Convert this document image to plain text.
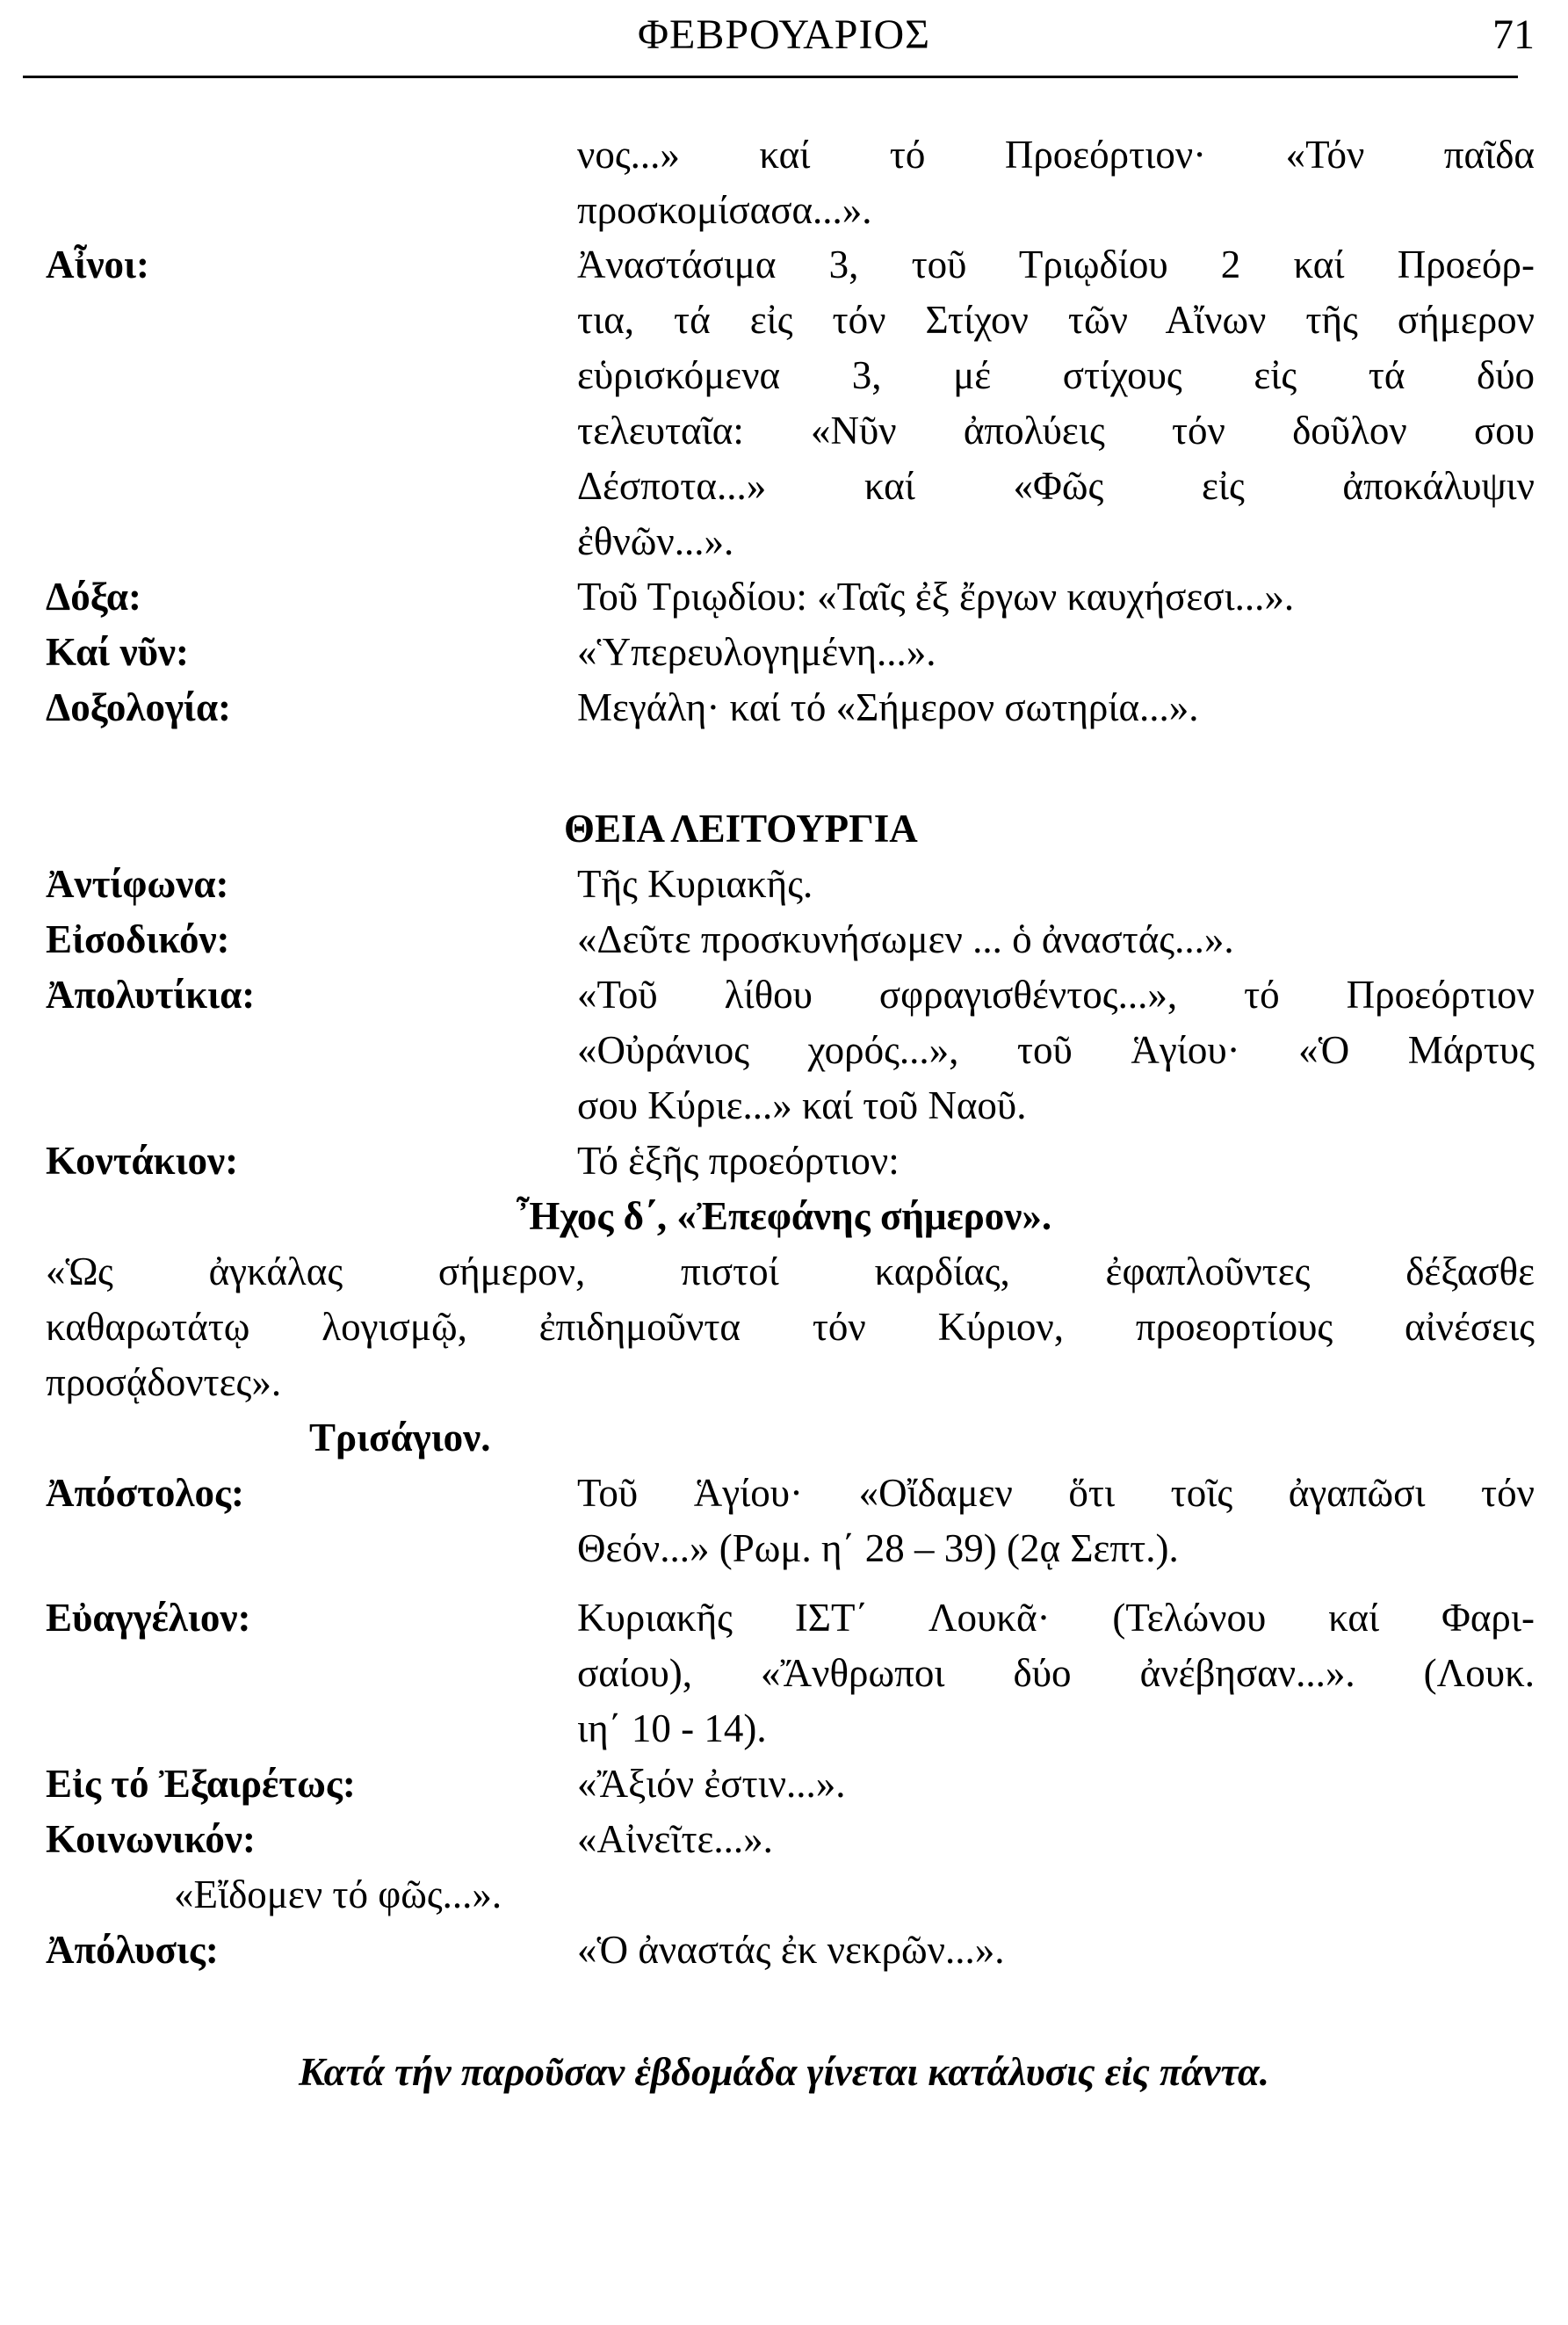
ΦΕΒΡΟΥΑΡΙΟΣ	71
νος...» καί τό Προεόρτιον· «Τόν παῖδα
προσκομίσασα...».
Αἶνοι:	Ἀναστάσιμα 3, τοῦ Τριῳδίου 2 καί Προεόρ-
τια, τά εἰς τόν Στίχον τῶν Αἴνων τῆς σήμερον
εὑρισκόμενα 3, μέ στίχους εἰς τά δύο
τελευταῖα: «Νῦν ἀπολύεις τόν δοῦλον σου
Δέσποτα...» καί «Φῶς εἰς ἀποκάλυψιν
ἐθνῶν...».
Δόξα:	Τοῦ Τριῳδίου: «Ταῖς ἐξ ἔργων καυχήσεσι...».
Καί νῦν:	«Ὑπερευλογημένη...».
Δοξολογία:	Μεγάλη· καί τό «Σήμερον σωτηρία...».
ΘΕΙΑ ΛΕΙΤΟΥΡΓΙΑ
Ἀντίφωνα:	Τῆς Κυριακῆς.
Εἰσοδικόν:	«Δεῦτε προσκυνήσωμεν ... ὁ ἀναστάς...».
Ἀπολυτίκια:	«Τοῦ λίθου σφραγισθέντος...», τό Προεόρτιον
«Οὐράνιος χορός...», τοῦ Ἁγίου· «Ὁ Μάρτυς
σου Κύριε...» καί τοῦ Ναοῦ.
Κοντάκιον:	Τό ἑξῆς προεόρτιον:
Ἦχος δ΄, «Ἐπεφάνης σήμερον».
«Ὡς ἀγκάλας σήμερον, πιστοί καρδίας, ἐφαπλοῦντες δέξασθε
καθαρωτάτῳ λογισμῷ, ἐπιδημοῦντα τόν Κύριον, προεορτίους αἰνέσεις
προσᾴδοντες».
Τρισάγιον.
Ἀπόστολος:	Τοῦ Ἁγίου· «Οἴδαμεν ὅτι τοῖς ἀγαπῶσι τόν
Θεόν...» (Ρωμ. η΄ 28 – 39) (2ᾳ Σεπτ.).
Εὐαγγέλιον:	Κυριακῆς ΙΣΤ΄ Λουκᾶ· (Τελώνου καί Φαρι-
σαίου), «Ἄνθρωποι δύο ἀνέβησαν...». (Λουκ.
ιη΄ 10 - 14).
Εἰς τό Ἐξαιρέτως:	«Ἄξιόν ἐστιν...».
Κοινωνικόν:	«Αἰνεῖτε...».
«Εἴδομεν τό φῶς...».
Ἀπόλυσις:	«Ὁ ἀναστάς ἐκ νεκρῶν...».
Κατά τήν παροῦσαν ἑβδομάδα γίνεται κατάλυσις εἰς πάντα.
